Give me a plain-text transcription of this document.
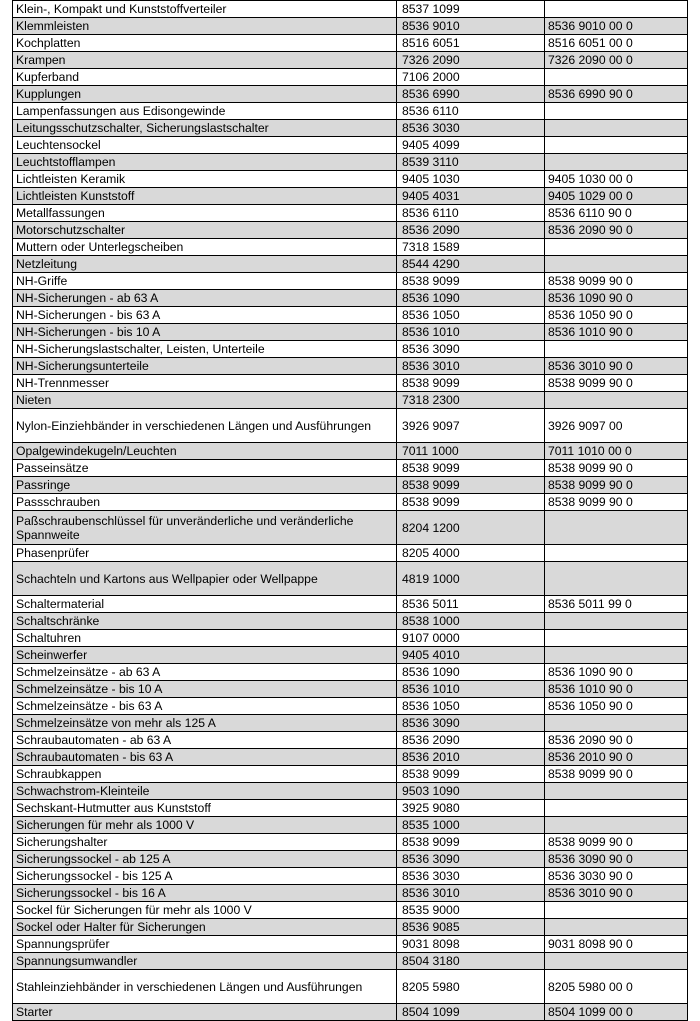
Klein-, Kompakt und Kunststoffverteiler	8537 1099	
Klemmleisten	8536 9010	8536 9010 00 0
Kochplatten	8516 6051	8516 6051 00 0
Krampen	7326 2090	7326 2090 00 0
Kupferband	7106 2000	
Kupplungen	8536 6990	8536 6990 90 0
Lampenfassungen aus Edisongewinde	8536 6110	
Leitungsschutzschalter, Sicherungslastschalter	8536 3030	
Leuchtensockel	9405 4099	
Leuchtstofflampen	8539 3110	
Lichtleisten Keramik	9405 1030	9405 1030 00 0
Lichtleisten Kunststoff	9405 4031	9405 1029 00 0
Metallfassungen	8536 6110	8536 6110 90 0
Motorschutzschalter	8536 2090	8536 2090 90 0
Muttern oder Unterlegscheiben	7318 1589	
Netzleitung	8544 4290	
NH-Griffe	8538 9099	8538 9099 90 0
NH-Sicherungen - ab 63 A	8536 1090	8536 1090 90 0
NH-Sicherungen - bis 63 A	8536 1050	8536 1050 90 0
NH-Sicherungen - bis 10 A	8536 1010	8536 1010 90 0
NH-Sicherungslastschalter, Leisten, Unterteile	8536 3090	
NH-Sicherungsunterteile	8536 3010	8536 3010 90 0
NH-Trennmesser	8538 9099	8538 9099 90 0
Nieten	7318 2300	
Nylon-Einziehbänder in verschiedenen Längen und Ausführungen	3926 9097	3926 9097 00
Opalgewindekugeln/Leuchten	7011 1000	7011 1010 00 0
Passeinsätze	8538 9099	8538 9099 90 0
Passringe	8538 9099	8538 9099 90 0
Passschrauben	8538 9099	8538 9099 90 0
Paßschraubenschlüssel für unveränderliche und veränderliche Spannweite	8204 1200	
Phasenprüfer	8205 4000	
Schachteln und Kartons aus Wellpapier oder Wellpappe	4819 1000	
Schaltermaterial	8536 5011	8536 5011 99 0
Schaltschränke	8538 1000	
Schaltuhren	9107 0000	
Scheinwerfer	9405 4010	
Schmelzeinsätze - ab 63 A	8536 1090	8536 1090 90 0
Schmelzeinsätze - bis 10 A	8536 1010	8536 1010 90 0
Schmelzeinsätze - bis 63 A	8536 1050	8536 1050 90 0
Schmelzeinsätze von mehr als 125 A	8536 3090	
Schraubautomaten - ab 63 A	8536 2090	8536 2090 90 0
Schraubautomaten - bis 63 A	8536 2010	8536 2010 90 0
Schraubkappen	8538 9099	8538 9099 90 0
Schwachstrom-Kleinteile	9503 1090	
Sechskant-Hutmutter aus Kunststoff	3925 9080	
Sicherungen für mehr als 1000 V	8535 1000	
Sicherungshalter	8538 9099	8538 9099 90 0
Sicherungssockel - ab 125 A	8536 3090	8536 3090 90 0
Sicherungssockel - bis 125 A	8536 3030	8536 3030 90 0
Sicherungssockel - bis 16 A	8536 3010	8536 3010 90 0
Sockel für Sicherungen für mehr als 1000 V	8535 9000	
Sockel oder Halter für Sicherungen	8536 9085	
Spannungsprüfer	9031 8098	9031 8098 90 0
Spannungsumwandler	8504 3180	
Stahleinziehbänder in verschiedenen Längen und Ausführungen	8205 5980	8205 5980 00 0
Starter	8504 1099	8504 1099 00 0
